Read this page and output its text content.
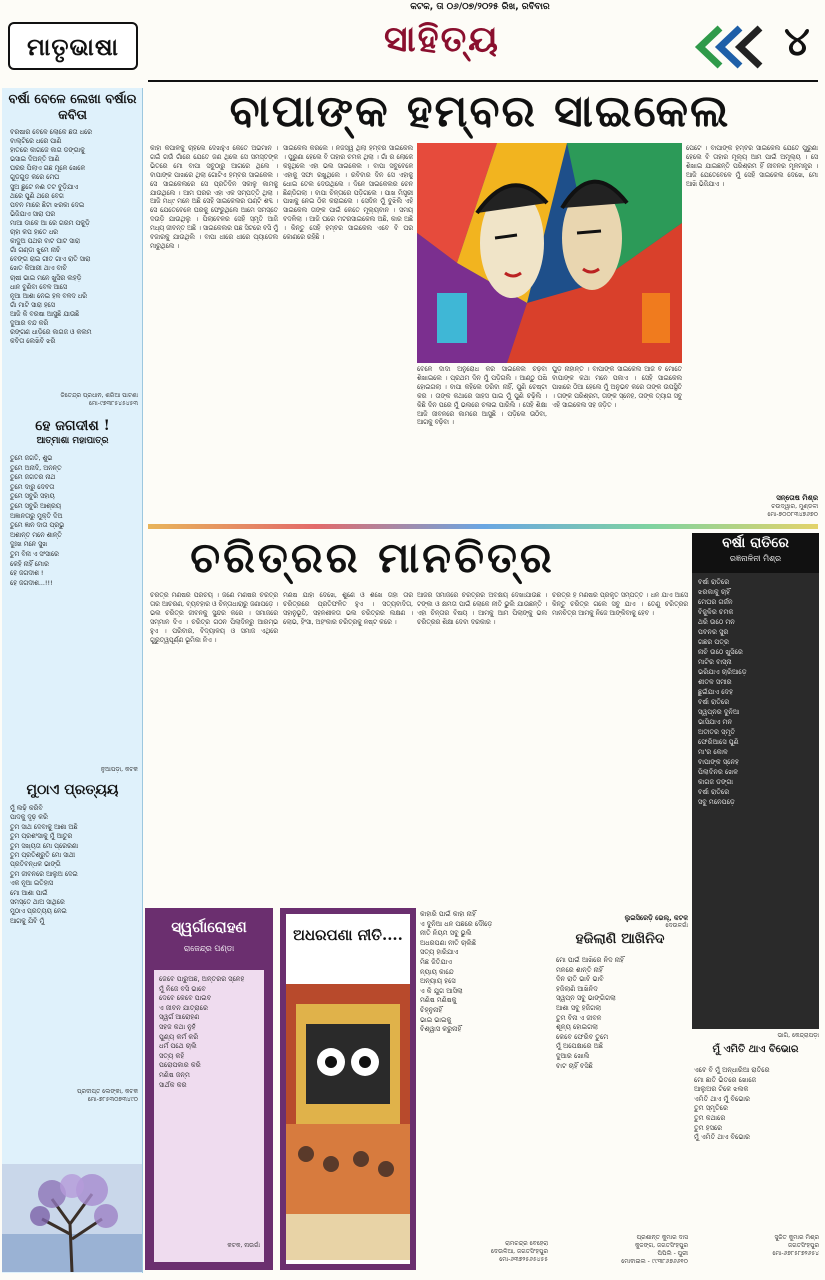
ମାତୃଭାଷା
କଟକ, ତା ୦୬/୦୭/୨୦୨୫ ରିଖ, ରବିବାର
ସାହିତ୍ୟ	୪
ବର୍ଷା ବେଳେ ଲେଖା ବର୍ଷାର କବିତା
ବରଷାର ବେଳେ ଲୋକେ ଛତା ଧରେ
ବାଲ୍ଟିରେ ଧରେ ପାଣି
ହାତରେ କାଗଜେ କାଗ ଡଙ୍ଗାକୁ
ଭସାଇ ଦିଅନ୍ତି ଆଣି
ଘରର ପିଲାଏ ଗଛ ମୂଳେ ଖେଳେ
ଗୁଡ଼ଗୁଡ଼ କରେ ମେଘ
ସୁଅ ଛୁଟେ ନଈ ତଟ ବୁଡ଼ିଯାଏ
ଥରେ ପୁଣି ଥରେ ବେଗ
ପବନ ମାରେ ଛିଟା ଝରକା ଦେଇ
ଭିଜିଯାଏ ସାରା ଘର
ମାଆ ଡାକେ ଆ ରେ ଗରମ ପକୁଡ଼ି
ଚାହା କପ ହାତେ ଧର
କାଦୁଅ ପଥର ବାଟ ଘାଟ ସାରା
ଗାଁ ଗଣ୍ଡା ଝୁମେ ନାଚି
ବେଙ୍ଗ ରାଇ ଗୀତ ଗାଏ ରାତି ସାରା
ଖେତ କିଆରୀ ଥାଏ ବାଚି
ଚାଷୀ ଭାଇ ମନେ ଖୁସିର ଲହଡ଼ି
ଧାନ ବୁଣିବା ବେଳ ଆସେ
ନୂଆ ଆଶା ନେଇ ହଳ ବଳଦ ଧରି
ଗାଁ ମାଟି ସାରା ହସେ
ଆଜି କି ବରଷା ଆସୁଛି ଯାଉଛି
ଦୁଆର ବନ୍ଦ କରି
ରଙ୍ଗଣ ଧାଡ଼ିରେ କାଗଜ ଓ କଲମ
କବିତା ଲେଖିବି ଝରି
ଜିତେନ୍ଦ୍ର ପ୍ରଧାନ, ଶରିଆ ପାଟଣା
ମୋ-୯୭୩୮୫୪୫୪୫୩
ହେ ଜଗଦୀଶ !
ଆତ୍ମାଶା ମହାପାତ୍ର
ତୁମେ ଜଗତି, ଶୁଭ
ତୁମେ ଅନାଦି, ଅନନ୍ତ
ତୁମେ ଜଗତର ନାଥ
ତୁମେ ଦାରୁ ଦେବତା
ତୁମେ ସବୁରି ସହାୟ
ତୁମେ ସବୁରି ଆଶ୍ରୟ
ଅଜ୍ଞାନତାରୁ ମୁକ୍ତି ଦିଅ
ତୁମେ ଜ୍ଞାନ ଦାତା ପ୍ରଭୁ
ଅଶାନ୍ତ ମନେ ଶାନ୍ତି
ଦୁଃଖ ମନେ ସୁଖ
ତୁମ ବିନା ଏ ସଂସାରେ
କେହି ନାହିଁ ମୋର
ହେ ଜଗଦୀଶ !
ହେ ଜଗଦୀଶ...!!!
ନୁଆପଡ଼ା, କଟକ
ମୁଠାଏ ପ୍ରତ୍ୟୟ
ମୁଁ ଲଢ଼ି କରିବି
ପାଦକୁ ଦୃଢ଼ କରି
ତୁମ ସାଥ ଦେବାକୁ ଆଶା ଅଛି
ତୁମ ପ୍ରଶଂସାକୁ ମୁଁ ଆତୁର
ତୁମ ସଖ୍ୟତା ମୋ ପ୍ରେରଣା
ତୁମ ପ୍ରତିଶ୍ରୁତି ମୋ ସାଥୀ
ପ୍ରତିବନ୍ଧକ ଭାଙ୍ଗି
ତୁମ ଜୀବନରେ ଆଲୁଅ ଦେଇ
ଏକ ନୂଆ ଇତିହାସ
ମୋ ଆଶା ପାଇଁ
ସମସ୍ତେ ଥାଅ ସାଥିରେ
ମୁଠାଏ ପ୍ରତ୍ୟୟ ନେଇ
ଆଗକୁ ଯିବି ମୁଁ
ପ୍ରଦୀପ୍ତ ଲେଙ୍କା, କଟକ
ମୋ-୭୮୫୩୦୭୩୪୯୦
ବାପାଙ୍କ ହମ୍ବର ସାଇକେଲ
କାହା କପାଳକୁ ଚାହିଁଲେ ଦେଖିହୁଏ କେତେ ଅଭିମାନ । ଗଇଁ ଗଉଁ ଗାଁରେ ଯେତେ ଜଣ ଥିଲେ ସେ ସମସ୍ତଙ୍କ ଭିତରେ ମୋ ବାପା ସବୁଠାରୁ ଆଗରେ ଥିଲେ । ବାପାଙ୍କ ପାଖରେ ଥିଲା ଗୋଟିଏ ହମ୍ବର ସାଇକେଲ । ସେ ସାଇକେଲରେ ସେ ପ୍ରତିଦିନ ସକାଳୁ କାମକୁ ଯାଉଥିଲେ । ଆମ ଘରର ଏହା ଏକ ସମ୍ପତ୍ତି ଥିଲା । ଆଜି ମଧ୍୯ ମନେ ଅଛି ସେହି ସାଇକେଲର ଘଣ୍ଟି ଶବ୍ଦ । ସେ ଯେତେବେଳେ ଘରକୁ ଫେରୁଥିଲେ ଆମେ ସମସ୍ତେ ଦଉଡ଼ି ଯାଉଥିଲୁ । ପିଲାବେଳର ସେହି ସ୍ମୃତି ଆଜି ମଧ୍ୟ ଜୀବନ୍ତ ଅଛି । ସାଇକେଲର ପଛ ସିଟରେ ବସି ମୁଁ ବଜାରକୁ ଯାଉଥିଲି । ବାପା ଧୀରେ ଧୀରେ ପ୍ୟାଡେଲ ମାରୁଥିଲେ ।
ସାଇକେଲ କରିଲେ । ନିଜସ୍ୱ ଥିଲା ହମ୍ବର ସାଇକେଲ । ପୁରୁଣା ହେଲେ ବି ତାହାର ଚମକ ଥିଲା । ଗାଁ ର ଲୋକେ କହୁଥିଲେ ଏହା ଭଲ ସାଇକେଲ । ବାପା ସବୁବେଳେ ଏହାକୁ ସଫା ରଖୁଥିଲେ । ରବିବାର ଦିନ ସେ ଏହାକୁ ଧୋଇ ତେଲ ଦେଉଥିଲେ । ଦିନେ ସାଇକେଲର ଚେନ ଛିଣ୍ଡିଗଲା । ବାପା ଚିନ୍ତାରେ ପଡ଼ିଗଲେ । ପାଖ ମିସ୍ତ୍ରୀ ପାଖକୁ ନେଇ ଠିକ କରାଇଲେ । ସେଦିନ ମୁଁ ବୁଝିଲି ଏହି ସାଇକେଲ ତାଙ୍କ ପାଇଁ କେତେ ମୂଲ୍ୟବାନ । ସମୟ ବଦଳିଲା । ଆଜି ଘରେ ମଟରସାଇକେଲ ଅଛି, କାର ଅଛି । କିନ୍ତୁ ସେହି ହମ୍ବର ସାଇକେଲ ଏବେ ବି ଘର କୋଣରେ ରହିଛି ।
ବେଳେ ଦାଦା ଅନୁରୋଧ କରି ସାଇକେଲ ଚଢ଼ିବା ଶିଖାଇଲେ । ପ୍ରଥମ ଦିନ ମୁଁ ପଡ଼ିଗଲି । ଆଣ୍ଠୁ ଘଷି ହୋଇଗଲା । ବାପା କହିଲେ ଡରିବା ନାହିଁ, ପୁଣି ଚେଷ୍ଟା କର । ତାଙ୍କ କଥାରେ ସାହସ ପାଇ ମୁଁ ପୁଣି ଚଢ଼ିଲି । କିଛି ଦିନ ପରେ ମୁଁ ଭଲରେ ଚଳାଇ ପାରିଲି । ସେହି ଶିକ୍ଷା ଆଜି ଜୀବନରେ କାମରେ ଆସୁଛି । ପଡ଼ିଲେ ଉଠିବା, ଆଗକୁ ବଢ଼ିବା ।
ଘୁଡ଼ ନାହାନ୍ତି । ବାପାଙ୍କ ସାଇକେଲ ଆଜି ବି ମୋତେ ବାପାଙ୍କ କଥା ମନେ ପକାଏ । ସେହି ସାଇକେଲ ପାଖରେ ଠିଆ ହେଲେ ମୁଁ ଅନୁଭବ କରେ ତାଙ୍କ ଉପସ୍ଥିତି । ତାଙ୍କ ପରିଶ୍ରମ, ତାଙ୍କ ସ୍ନେହ, ତାଙ୍କ ତ୍ୟାଗ ସବୁ ଏହି ସାଇକେଲ ସହ ଜଡ଼ିତ ।
ପେଟେ । ବାପାଙ୍କ ହମ୍ବର ସାଇକେଲ ଯେତେ ପୁରୁଣା ହେଲେ ବି ତାହାର ମୂଲ୍ୟ ଆମ ପାଇଁ ଅମୂଲ୍ୟ । ସେ ଶିଖାଇ ଯାଇଛନ୍ତି ପରିଶ୍ରମ ହିଁ ଜୀବନର ମୂଳମନ୍ତ୍ର । ଆଜି ଯେତେବେଳେ ମୁଁ ସେହି ସାଇକେଲ ଦେଖେ, ମୋ ଆଖି ଭିଜିଯାଏ ।
ସନ୍ତୋଷ ମିଶ୍ର
ଚଉଦ୍ୱାର, ମୁଣ୍ଡଳୀ
ମୋ-୭୦୦୮୩୪୭୬୭୦
ଚରିତ୍ରର ମାନଚିତ୍ର
ଚରିତ୍ର ମଣିଷର ପରିଚୟ । ଜଣେ ମଣିଷର ଚରିତ୍ର ତାର ଆଚରଣ, ବ୍ୟବହାର ଓ ଚିନ୍ତାଧାରାରୁ ଜଣାପଡ଼େ । ଭଲ ଚରିତ୍ର ଜୀବନକୁ ସୁନ୍ଦର କରେ । ସମାଜରେ ସମ୍ମାନ ଦିଏ । ଚରିତ୍ର ଗଠନ ପିଲାଦିନରୁ ଆରମ୍ଭ ହୁଏ । ପରିବାର, ବିଦ୍ୟାଳୟ ଓ ସମାଜ ଏଥିରେ ଗୁରୁତ୍ୱପୂର୍ଣ୍ଣ ଭୂମିକା ନିଏ ।
ମଣିଷ ଯାହା ଦେଖେ, ଶୁଣେ ଓ ଶିଖେ ତାହା ତାର ଚରିତ୍ରରେ ପ୍ରତିଫଳିତ ହୁଏ । ସତ୍ୟବାଦିତା, ସହାନୁଭୂତି, ସହନଶୀଳତା ଭଲ ଚରିତ୍ରର ଲକ୍ଷଣ । ଲୋଭ, ହିଂସା, ଅହଂକାର ଚରିତ୍ରକୁ ନଷ୍ଟ କରେ ।
ଆଜିର ସମାଜରେ ଚରିତ୍ରର ଅବକ୍ଷୟ ଦେଖାଯାଉଛି । ଟଙ୍କା ଓ କ୍ଷମତା ପାଇଁ ଲୋକେ ନୀତି ଭୁଲି ଯାଉଛନ୍ତି । ଏହା ଚିନ୍ତାର ବିଷୟ । ଆମକୁ ଆମ ପିଲାଙ୍କୁ ଭଲ ଚରିତ୍ରର ଶିକ୍ଷା ଦେବା ଦରକାର ।
ଚରିତ୍ର ହିଁ ମଣିଷର ପ୍ରକୃତ ସମ୍ପତ୍ତି । ଧନ ଯାଏ ଆସେ କିନ୍ତୁ ଚରିତ୍ର ଗଲେ ସବୁ ଯାଏ । ତେଣୁ ଚରିତ୍ରର ମାନଚିତ୍ର ଆମକୁ ନିଜେ ଆଙ୍କିବାକୁ ହେବ ।
ଲୁଇସିରେଡ଼ି ଭେଲ୍, କଟକ
ଦେଉଳଗାଁ
ବର୍ଷା ରାତିରେ
ରଜ୍ଞନାଳିନୀ ମିଶ୍ର
ବର୍ଷା ରାତିରେ
ଝରକାକୁ ଚାହିଁ
ମେଘର ଗର୍ଜନ
ବିଜୁଳିର ଚମକ
ଥରି ଉଠେ ମନ
ପବନର ସୁର
ଗଛର ପତ୍ର
ନାଚି ଉଠେ ଖୁସିରେ
ମାଟିର ବାସ୍ନା
ଭରିଯାଏ ଚାରିଆଡ଼େ
ଶୀତଳ ସମୀର
ଛୁଇଁଯାଏ ଦେହ
ବର୍ଷା ରାତିରେ
ସ୍ୱପ୍ନର ଦୁନିଆ
ଭାସିଯାଏ ମନ
ଅତୀତର ସ୍ମୃତି
ଫେରିଆସେ ପୁଣି
ମା'ର କୋଳ
ବାପାଙ୍କ ସ୍ନେହ
ପିଲାଦିନର ଖେଳ
କାଗଜ ଡଙ୍ଗା
ବର୍ଷା ରାତିରେ
ସବୁ ମନେପଡ଼େ
ଭାଗି, କେନ୍ଦ୍ରାପଡ଼ା
ମୁଁ ଏମିତି ଥାଏ ବିଭୋର
ଏବେ ବି ମୁଁ ଅନ୍ଧାରିଆ ରାତିରେ
ମୋ ଛାତି ଭିତରେ ଖୋଜେ
ଆଲୁଅର ଟିକେ ଝଲକ
ଏମିତି ଥାଏ ମୁଁ ବିଭୋର
ତୁମ ସ୍ମୃତିରେ
ତୁମ କଥାରେ
ତୁମ ହସରେ
ମୁଁ ଏମିତି ଥାଏ ବିଭୋର
ସୁଜିତ କୁମାର ମିଶ୍ର
ଜଗତସିଂହପୁର
ମୋ-୬୭୮୫୮୭୨୬୫୪
ସ୍ୱର୍ଗାରୋହଣ
ରାଜେନ୍ଦ୍ର ପଣ୍ଡା
ଜେବେ ପାରୁଅଛ, ଅନ୍ତରର ସ୍ନେହ
ମୁଁ ନିଜେ ବସି ଭାବେ
ଦେବେ କେବେ ପାଇବ
ଏ ଜୀବନ ଯାତ୍ରାରେ
ସ୍ୱର୍ଗ ଆରୋହଣ
ସହଜ କଥା ନୁହଁ
ପୁଣ୍ୟ କର୍ମ କରି
ଧର୍ମ ପଥେ ଚାଲି
ସତ୍ୟ କହି
ପରୋପକାର କରି
ମଣିଷ ଜନ୍ମ
ସାର୍ଥକ କର
କଟକ, ନାଉଗାଁ
ଅଧରପଣା ନୀତି....
କାହାରି ପାଇଁ କାହା ନାହିଁ
ଏ ଦୁନିଆ ଧନ ପଛରେ ଦୌଡ଼େ
ନୀତି ନିୟମ ସବୁ ଭୁଲି
ଅଧରପଣା ନୀତି ଚାଲିଛି
ସତ୍ୟ ହାରିଯାଏ
ମିଛ ଜିତିଯାଏ
ନ୍ୟାୟ କାନ୍ଦେ
ଅନ୍ୟାୟ ହସେ
ଏ କି ଯୁଗ ଆସିଲା
ମଣିଷ ମଣିଷକୁ
ଚିହ୍ନୁନାହିଁ
ଭାଇ ଭାଇକୁ
ବିଶ୍ୱାସ କରୁନାହିଁ
ରାମଚନ୍ଦ୍ର ବେହେରା
ଦେଉଳିଆ, ଜଗତସିଂହପୁର
ମୋ-୬୩୭୨୫୬୫୪୫୫
ହଜିଲାଣି ଆଖିନିଦ
ମୋ ପାଇଁ ଆଖିରେ ନିଦ ନାହିଁ
ମନରେ ଶାନ୍ତି ନାହିଁ
ଦିନ ରାତି ଭାବି ଭାବି
ହଜିଲାଣି ଆଖିନିଦ
ସ୍ୱପ୍ନ ସବୁ ଭାଙ୍ଗିଗଲା
ଆଶା ସବୁ ହଜିଗଲା
ତୁମ ବିନା ଏ ଜୀବନ
ଶୂନ୍ୟ ହୋଇଗଲା
କେବେ ଫେରିବ ତୁମେ
ମୁଁ ଅପେକ୍ଷାରେ ଅଛି
ଦୁଆର ଖୋଲି
ବାଟ ଚାହିଁ ବସିଛି
ପ୍ରଶାନ୍ତ କୁମାର ଦାସ
କୁଜଙ୍ଗ, ଜଗତସିଂହପୁର
ପିପିଲି - ପୁରୀ
ମୋବାଇଲ - ୯୯୩୮୬୭୬୬୧୦
